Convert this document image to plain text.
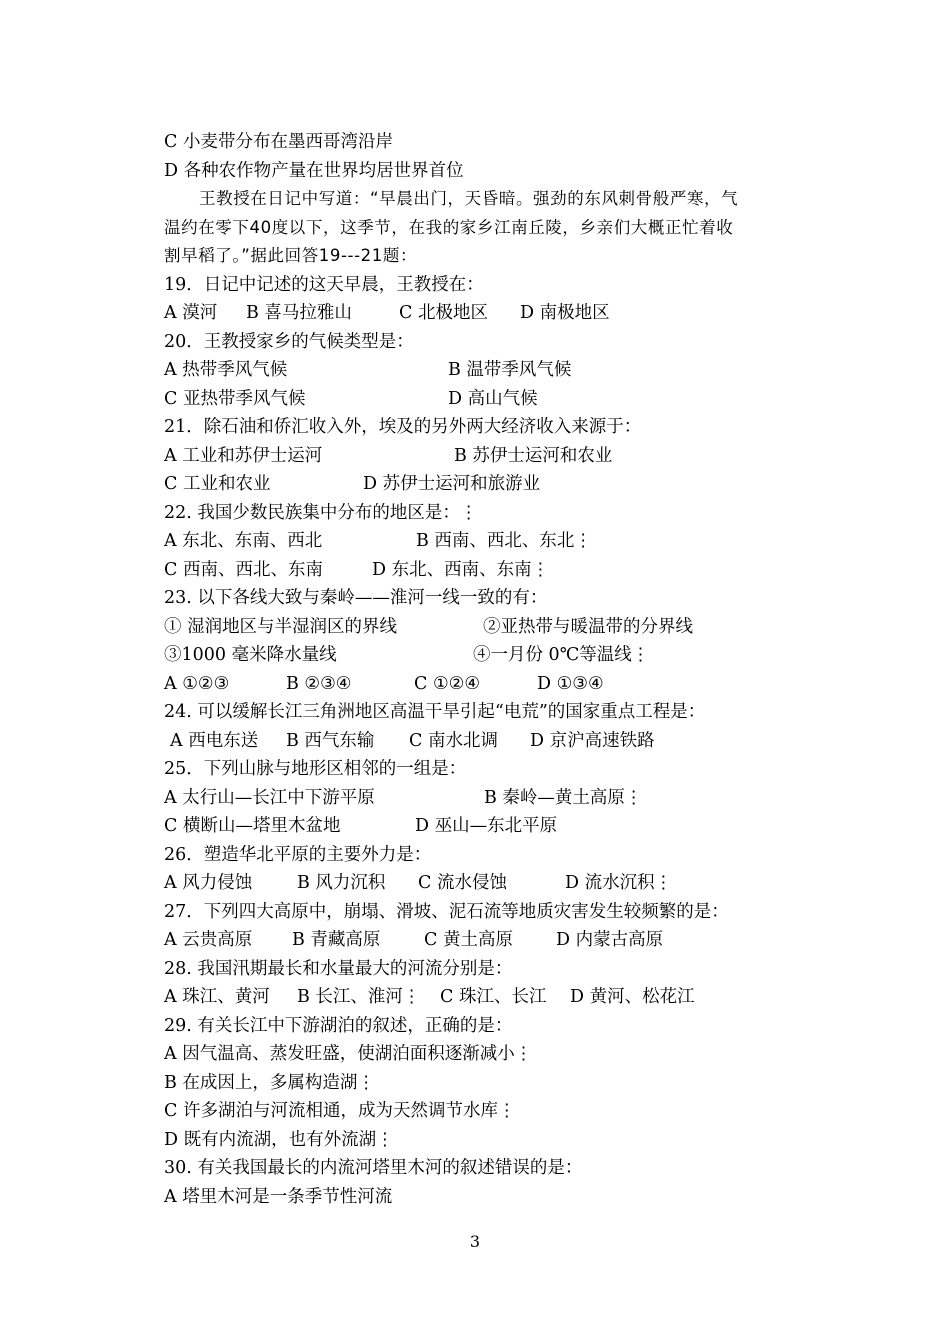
C 小麦带分布在墨西哥湾沿岸
D 各种农作物产量在世界均居世界首位
王教授在日记中写道：“早晨出门，天昏暗。强劲的东风刺骨般严寒，气
温约在零下40度以下，这季节，在我的家乡江南丘陵，乡亲们大概正忙着收
割早稻了。”据此回答19---21题：
19．日记中记述的这天早晨，王教授在：
A 漠河 B 喜马拉雅山	C 北极地区 D 南极地区
20．王教授家乡的气候类型是：
A 热带季风气候	B 温带季风气候
C 亚热带季风气候	D 高山气候
21．除石油和侨汇收入外，埃及的另外两大经济收入来源于：
A 工业和苏伊士运河	B 苏伊士运河和农业
C 工业和农业	D 苏伊士运河和旅游业
22. 我国少数民族集中分布的地区是：⋮
A 东北、东南、西北	B 西南、西北、东北⋮
C 西南、西北、东南	D 东北、西南、东南⋮
23. 以下各线大致与秦岭——淮河一线一致的有：
① 湿润地区与半湿润区的界线	②亚热带与暖温带的分界线
③1000 毫米降水量线	④一月份 0℃等温线⋮
A ①②③	B ②③④	C ①②④	D ①③④
24. 可以缓解长江三角洲地区高温干旱引起“电荒”的国家重点工程是：
A 西电东送 B 西气东输 C 南水北调 D 京沪高速铁路
25．下列山脉与地形区相邻的一组是：
A 太行山—长江中下游平原	B 秦岭—黄土高原⋮
C 横断山—塔里木盆地	D 巫山—东北平原
26．塑造华北平原的主要外力是：
A 风力侵蚀	B 风力沉积 C 流水侵蚀	D 流水沉积⋮
27．下列四大高原中，崩塌、滑坡、泥石流等地质灾害发生较频繁的是：
A 云贵高原 B 青藏高原 C 黄土高原 D 内蒙古高原
28. 我国汛期最长和水量最大的河流分别是：
A 珠江、黄河 B 长江、淮河⋮ C 珠江、长江 D 黄河、松花江
29. 有关长江中下游湖泊的叙述，正确的是：
A 因气温高、蒸发旺盛，使湖泊面积逐渐减小⋮
B 在成因上，多属构造湖⋮
C 许多湖泊与河流相通，成为天然调节水库⋮
D 既有内流湖，也有外流湖⋮
30. 有关我国最长的内流河塔里木河的叙述错误的是：
A 塔里木河是一条季节性河流
3
